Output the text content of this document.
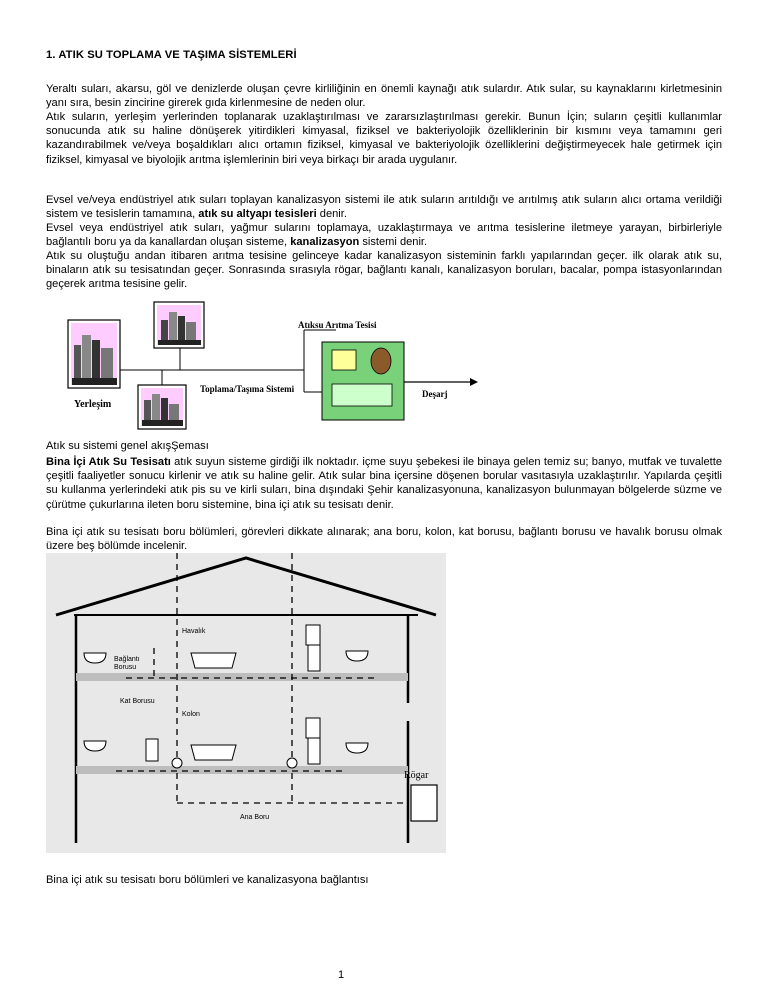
1. ATIK SU TOPLAMA VE TAŞIMA SİSTEMLERİ

Yeraltı suları, akarsu, göl ve denizlerde oluşan çevre kirliliğinin en önemli kaynağı atık sulardır. Atık sular, su kaynaklarını kirletmesinin yanı sıra, besin zincirine girerek gıda kirlenmesine de neden olur.

Atık suların, yerleşim yerlerinden toplanarak uzaklaştırılması ve zararsızlaştırılması gerekir. Bunun İçin; suların çeşitli kullanımlar sonucunda atık su haline dönüşerek yitirdikleri kimyasal, fiziksel ve bakteriyolojik özelliklerinin bir kısmını veya tamamını geri kazandırabilmek ve/veya boşaldıkları alıcı ortamın fiziksel, kimyasal ve bakteriyolojik özelliklerini değiştirmeyecek hale getirmek için fiziksel, kimyasal ve biyolojik arıtma işlemlerinin biri veya birkaçı bir arada uygulanır.

Evsel ve/veya endüstriyel atık suları toplayan kanalizasyon sistemi ile atık suların arıtıldığı ve arıtılmış atık suların alıcı ortama verildiği sistem ve tesislerin tamamına, atık su altyapı tesisleri denir.

Evsel veya endüstriyel atık suları, yağmur sularını toplamaya, uzaklaştırmaya ve arıtma tesislerine iletmeye yarayan, birbirleriyle bağlantılı boru ya da kanallardan oluşan sisteme, kanalizasyon sistemi denir.

Atık su oluştuğu andan itibaren arıtma tesisine gelinceye kadar kanalizasyon sisteminin farklı yapılarından geçer. ilk olarak atık su, binaların atık su tesisatından geçer. Sonrasında sırasıyla rögar, bağlantı kanalı, kanalizasyon boruları, bacalar, pompa istasyonlarından geçerek arıtma tesisine gelir.

Atıksu Arıtma Tesisi
Toplama/Taşıma Sistemi
Yerleşim
Deşarj

Atık su sistemi genel akışŞeması

Bina İçi Atık Su Tesisatı atık suyun sisteme girdiği ilk noktadır. içme suyu şebekesi ile binaya gelen temiz su; banyo, mutfak ve tuvalette çeşitli faaliyetler sonucu kirlenir ve atık su haline gelir. Atık sular bina içersine döşenen borular vasıtasıyla uzaklaştırılır. Yapılarda çeşitli su kullanma yerlerindeki atık pis su ve kirli suları, bina dışındaki Şehir kanalizasyonuna, kanalizasyon bulunmayan bölgelerde süzme ve çürütme çukurlarına ileten boru sistemine, bina içi atık su tesisatı denir.

Bina içi atık su tesisatı boru bölümleri, görevleri dikkate alınarak; ana boru, kolon, kat borusu, bağlantı borusu ve havalık borusu olmak üzere beş bölümde incelenir.

Rögar
Havalık
Bağlantı
Borusu
Kat Borusu
Kolon
Ana Boru

Bina içi atık su tesisatı boru bölümleri ve kanalizasyona bağlantısı

1
